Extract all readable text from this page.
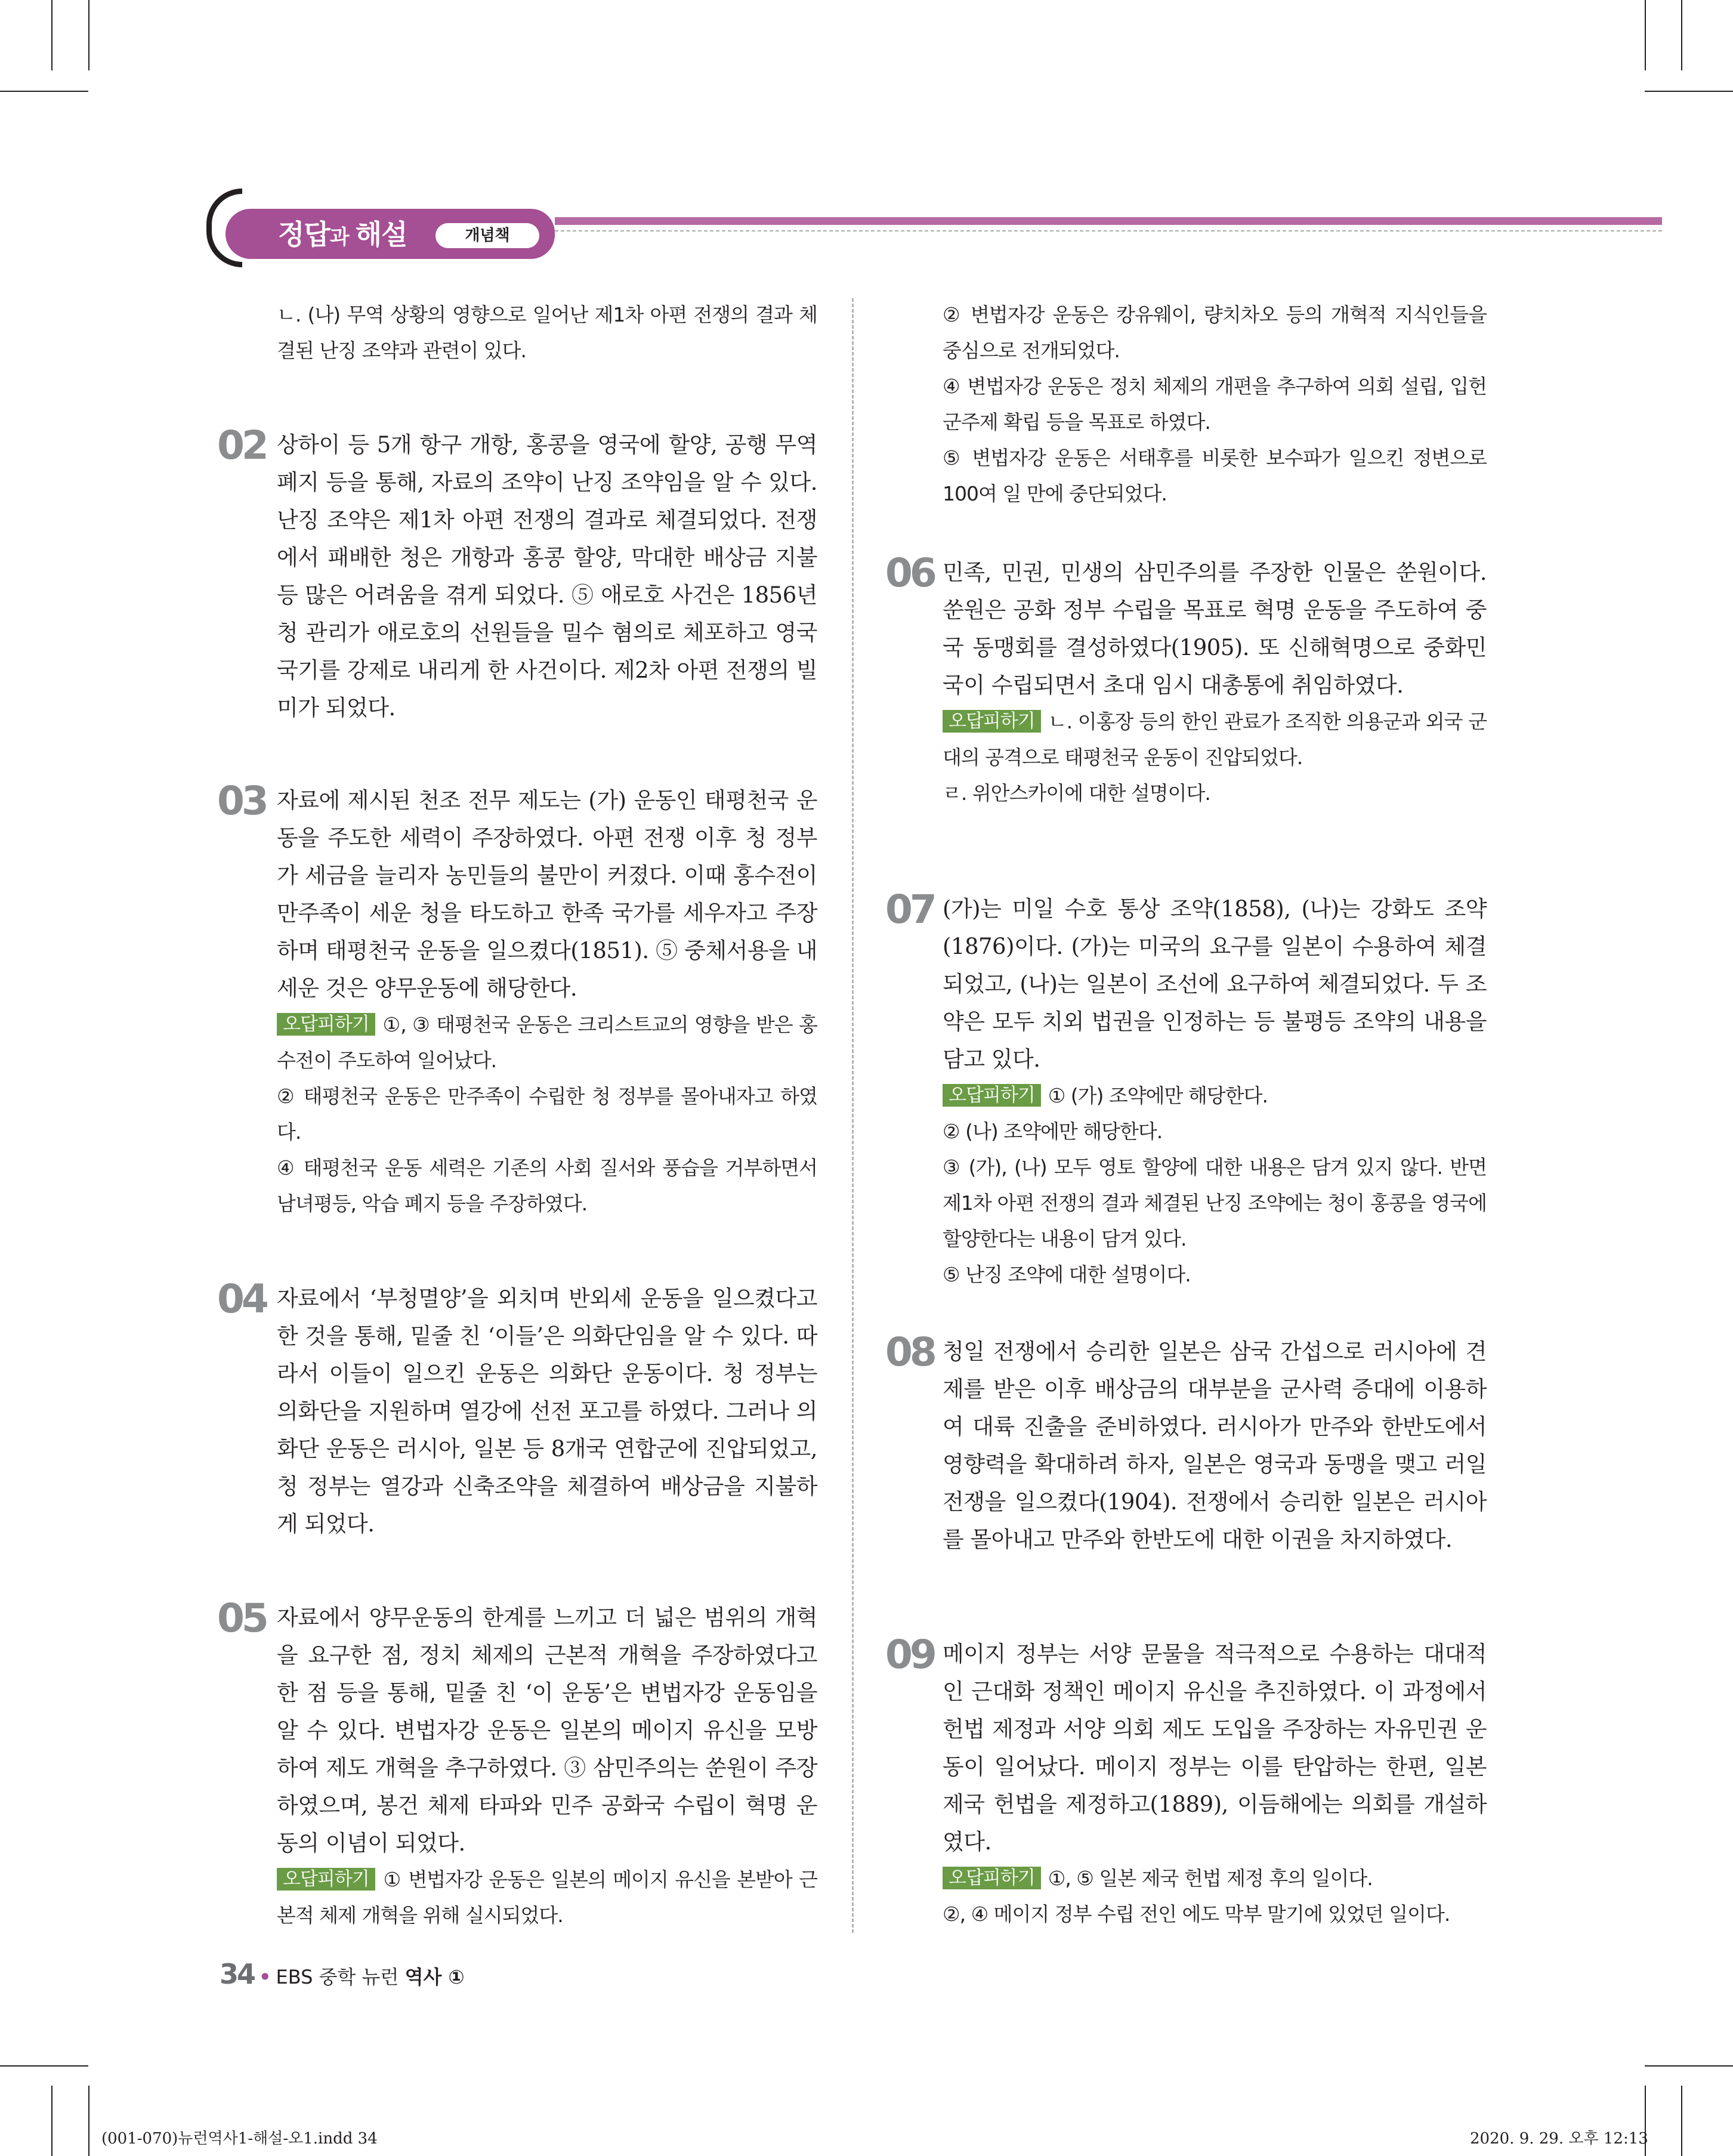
정답과 해설	개념책

ㄴ. (나) 무역 상황의 영향으로 일어난 제1차 아편 전쟁의 결과 체결된 난징 조약과 관련이 있다.

02 상하이 등 5개 항구 개항, 홍콩을 영국에 할양, 공행 무역 폐지 등을 통해, 자료의 조약이 난징 조약임을 알 수 있다. 난징 조약은 제1차 아편 전쟁의 결과로 체결되었다. 전쟁에서 패배한 청은 개항과 홍콩 할양, 막대한 배상금 지불 등 많은 어려움을 겪게 되었다. ⑤ 애로호 사건은 1856년 청 관리가 애로호의 선원들을 밀수 혐의로 체포하고 영국 국기를 강제로 내리게 한 사건이다. 제2차 아편 전쟁의 빌미가 되었다.

03 자료에 제시된 천조 전무 제도는 (가) 운동인 태평천국 운동을 주도한 세력이 주장하였다. 아편 전쟁 이후 청 정부가 세금을 늘리자 농민들의 불만이 커졌다. 이때 홍수전이 만주족이 세운 청을 타도하고 한족 국가를 세우자고 주장하며 태평천국 운동을 일으켰다(1851). ⑤ 중체서용을 내세운 것은 양무운동에 해당한다.

오답피하기 ①, ③ 태평천국 운동은 크리스트교의 영향을 받은 홍수전이 주도하여 일어났다.

② 태평천국 운동은 만주족이 수립한 청 정부를 몰아내자고 하였다.

④ 태평천국 운동 세력은 기존의 사회 질서와 풍습을 거부하면서 남녀평등, 악습 폐지 등을 주장하였다.

04 자료에서 ‘부청멸양’을 외치며 반외세 운동을 일으켰다고 한 것을 통해, 밑줄 친 ‘이들’은 의화단임을 알 수 있다. 따라서 이들이 일으킨 운동은 의화단 운동이다. 청 정부는 의화단을 지원하며 열강에 선전 포고를 하였다. 그러나 의화단 운동은 러시아, 일본 등 8개국 연합군에 진압되었고, 청 정부는 열강과 신축조약을 체결하여 배상금을 지불하게 되었다.

05 자료에서 양무운동의 한계를 느끼고 더 넓은 범위의 개혁을 요구한 점, 정치 체제의 근본적 개혁을 주장하였다고 한 점 등을 통해, 밑줄 친 ‘이 운동’은 변법자강 운동임을 알 수 있다. 변법자강 운동은 일본의 메이지 유신을 모방하여 제도 개혁을 추구하였다. ③ 삼민주의는 쑨원이 주장하였으며, 봉건 체제 타파와 민주 공화국 수립이 혁명 운동의 이념이 되었다.

오답피하기 ① 변법자강 운동은 일본의 메이지 유신을 본받아 근본적 체제 개혁을 위해 실시되었다.

② 변법자강 운동은 캉유웨이, 량치차오 등의 개혁적 지식인들을 중심으로 전개되었다.

④ 변법자강 운동은 정치 체제의 개편을 추구하여 의회 설립, 입헌 군주제 확립 등을 목표로 하였다.

⑤ 변법자강 운동은 서태후를 비롯한 보수파가 일으킨 정변으로 100여 일 만에 중단되었다.

06 민족, 민권, 민생의 삼민주의를 주장한 인물은 쑨원이다. 쑨원은 공화 정부 수립을 목표로 혁명 운동을 주도하여 중국 동맹회를 결성하였다(1905). 또 신해혁명으로 중화민국이 수립되면서 초대 임시 대총통에 취임하였다.

오답피하기 ㄴ. 이홍장 등의 한인 관료가 조직한 의용군과 외국 군대의 공격으로 태평천국 운동이 진압되었다.

ㄹ. 위안스카이에 대한 설명이다.

07 (가)는 미일 수호 통상 조약(1858), (나)는 강화도 조약(1876)이다. (가)는 미국의 요구를 일본이 수용하여 체결되었고, (나)는 일본이 조선에 요구하여 체결되었다. 두 조약은 모두 치외 법권을 인정하는 등 불평등 조약의 내용을 담고 있다.

오답피하기 ① (가) 조약에만 해당한다.

② (나) 조약에만 해당한다.

③ (가), (나) 모두 영토 할양에 대한 내용은 담겨 있지 않다. 반면 제1차 아편 전쟁의 결과 체결된 난징 조약에는 청이 홍콩을 영국에 할양한다는 내용이 담겨 있다.

⑤ 난징 조약에 대한 설명이다.

08 청일 전쟁에서 승리한 일본은 삼국 간섭으로 러시아에 견제를 받은 이후 배상금의 대부분을 군사력 증대에 이용하여 대륙 진출을 준비하였다. 러시아가 만주와 한반도에서 영향력을 확대하려 하자, 일본은 영국과 동맹을 맺고 러일 전쟁을 일으켰다(1904). 전쟁에서 승리한 일본은 러시아를 몰아내고 만주와 한반도에 대한 이권을 차지하였다.

09 메이지 정부는 서양 문물을 적극적으로 수용하는 대대적인 근대화 정책인 메이지 유신을 추진하였다. 이 과정에서 헌법 제정과 서양 의회 제도 도입을 주장하는 자유민권 운동이 일어났다. 메이지 정부는 이를 탄압하는 한편, 일본 제국 헌법을 제정하고(1889), 이듬해에는 의회를 개설하였다.

오답피하기 ①, ⑤ 일본 제국 헌법 제정 후의 일이다.

②, ④ 메이지 정부 수립 전인 에도 막부 말기에 있었던 일이다.

34 • EBS 중학 뉴런 역사 ①
(001-070)뉴런역사1-해설-오1.indd 34	2020. 9. 29. 오후 12:13
